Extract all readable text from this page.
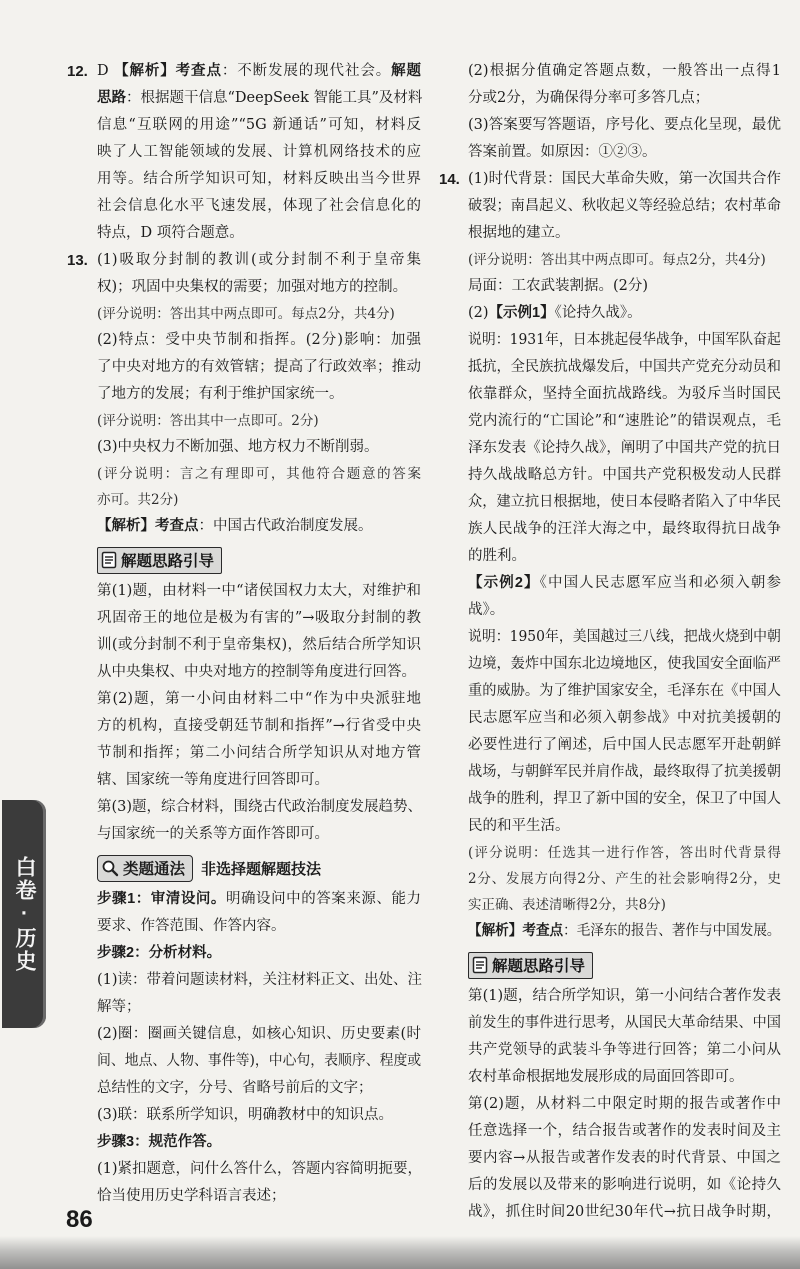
12. D 【解析】考查点：不断发展的现代社会。解题
思路：根据题干信息“DeepSeek 智能工具”及材料
信息“互联网的用途”“5G 新通话”可知，材料反
映了人工智能领域的发展、计算机网络技术的应
用等。结合所学知识可知，材料反映出当今世界
社会信息化水平飞速发展，体现了社会信息化的
特点，D 项符合题意。
13. (1)吸取分封制的教训(或分封制不利于皇帝集
权)；巩固中央集权的需要；加强对地方的控制。
(评分说明：答出其中两点即可。每点2分，共4分)
(2)特点：受中央节制和指挥。(2分)影响：加强
了中央对地方的有效管辖；提高了行政效率；推动
了地方的发展；有利于维护国家统一。
(评分说明：答出其中一点即可。2分)
(3)中央权力不断加强、地方权力不断削弱。
(评分说明：言之有理即可，其他符合题意的答案
亦可。共2分)
【解析】考查点：中国古代政治制度发展。
解题思路引导
第(1)题，由材料一中“诸侯国权力太大，对维护和
巩固帝王的地位是极为有害的”→吸取分封制的教
训(或分封制不利于皇帝集权)，然后结合所学知识
从中央集权、中央对地方的控制等角度进行回答。
第(2)题，第一小问由材料二中“作为中央派驻地
方的机构，直接受朝廷节制和指挥”→行省受中央
节制和指挥；第二小问结合所学知识从对地方管
辖、国家统一等角度进行回答即可。
第(3)题，综合材料，围绕古代政治制度发展趋势、
与国家统一的关系等方面作答即可。
类题通法 非选择题解题技法
步骤1：审清设问。明确设问中的答案来源、能力
要求、作答范围、作答内容。
步骤2：分析材料。
(1)读：带着问题读材料，关注材料正文、出处、注
解等；
(2)圈：圈画关键信息，如核心知识、历史要素(时
间、地点、人物、事件等)，中心句，表顺序、程度或
总结性的文字，分号、省略号前后的文字；
(3)联：联系所学知识，明确教材中的知识点。
步骤3：规范作答。
(1)紧扣题意，问什么答什么，答题内容简明扼要，
恰当使用历史学科语言表述；
(2)根据分值确定答题点数，一般答出一点得1
分或2分，为确保得分率可多答几点；
(3)答案要写答题语，序号化、要点化呈现，最优
答案前置。如原因：①②③。
14. (1)时代背景：国民大革命失败，第一次国共合作
破裂；南昌起义、秋收起义等经验总结；农村革命
根据地的建立。
(评分说明：答出其中两点即可。每点2分，共4分)
局面：工农武装割据。(2分)
(2)【示例1】《论持久战》。
说明：1931年，日本挑起侵华战争，中国军队奋起
抵抗，全民族抗战爆发后，中国共产党充分动员和
依靠群众，坚持全面抗战路线。为驳斥当时国民
党内流行的“亡国论”和“速胜论”的错误观点，毛
泽东发表《论持久战》，阐明了中国共产党的抗日
持久战战略总方针。中国共产党积极发动人民群
众，建立抗日根据地，使日本侵略者陷入了中华民
族人民战争的汪洋大海之中，最终取得抗日战争
的胜利。
【示例2】《中国人民志愿军应当和必须入朝参
战》。
说明：1950年，美国越过三八线，把战火烧到中朝
边境，轰炸中国东北边境地区，使我国安全面临严
重的威胁。为了维护国家安全，毛泽东在《中国人
民志愿军应当和必须入朝参战》中对抗美援朝的
必要性进行了阐述，后中国人民志愿军开赴朝鲜
战场，与朝鲜军民并肩作战，最终取得了抗美援朝
战争的胜利，捍卫了新中国的安全，保卫了中国人
民的和平生活。
(评分说明：任选其一进行作答，答出时代背景得
2分、发展方向得2分、产生的社会影响得2分，史
实正确、表述清晰得2分，共8分)
【解析】考查点：毛泽东的报告、著作与中国发展。
解题思路引导
第(1)题，结合所学知识，第一小问结合著作发表
前发生的事件进行思考，从国民大革命结果、中国
共产党领导的武装斗争等进行回答；第二小问从
农村革命根据地发展形成的局面回答即可。
第(2)题，从材料二中限定时期的报告或著作中
任意选择一个，结合报告或著作的发表时间及主
要内容→从报告或著作发表的时代背景、中国之
后的发展以及带来的影响进行说明，如《论持久
战》，抓住时间20世纪30年代→抗日战争时期，
白卷·历史
86
